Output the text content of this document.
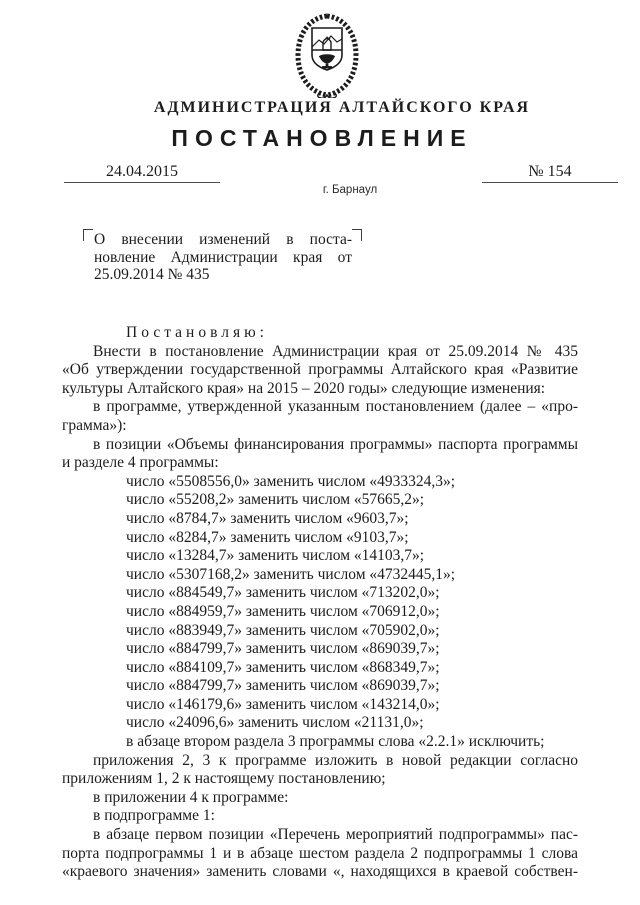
АДМИНИСТРАЦИЯ АЛТАЙСКОГО КРАЯ
ПОСТАНОВЛЕНИЕ
24.04.2015	№ 154
г. Барнаул
О внесении изменений в поста-
новление Администрации края от
25.09.2014 № 435
Постановляю:
Внести в постановление Администрации края от 25.09.2014 № 435
«Об утверждении государственной программы Алтайского края «Развитие
культуры Алтайского края» на 2015 – 2020 годы» следующие изменения:
в программе, утвержденной указанным постановлением (далее – «про-
грамма»):
в позиции «Объемы финансирования программы» паспорта программы
и разделе 4 программы:
число «5508556,0» заменить числом «4933324,3»;
число «55208,2» заменить числом «57665,2»;
число «8784,7» заменить числом «9603,7»;
число «8284,7» заменить числом «9103,7»;
число «13284,7» заменить числом «14103,7»;
число «5307168,2» заменить числом «4732445,1»;
число «884549,7» заменить числом «713202,0»;
число «884959,7» заменить числом «706912,0»;
число «883949,7» заменить числом «705902,0»;
число «884799,7» заменить числом «869039,7»;
число «884109,7» заменить числом «868349,7»;
число «884799,7» заменить числом «869039,7»;
число «146179,6» заменить числом «143214,0»;
число «24096,6» заменить числом «21131,0»;
в абзаце втором раздела 3 программы слова «2.2.1» исключить;
приложения 2, 3 к программе изложить в новой редакции согласно
приложениям 1, 2 к настоящему постановлению;
в приложении 4 к программе:
в подпрограмме 1:
в абзаце первом позиции «Перечень мероприятий подпрограммы» пас-
порта подпрограммы 1 и в абзаце шестом раздела 2 подпрограммы 1 слова
«краевого значения» заменить словами «, находящихся в краевой собствен-
